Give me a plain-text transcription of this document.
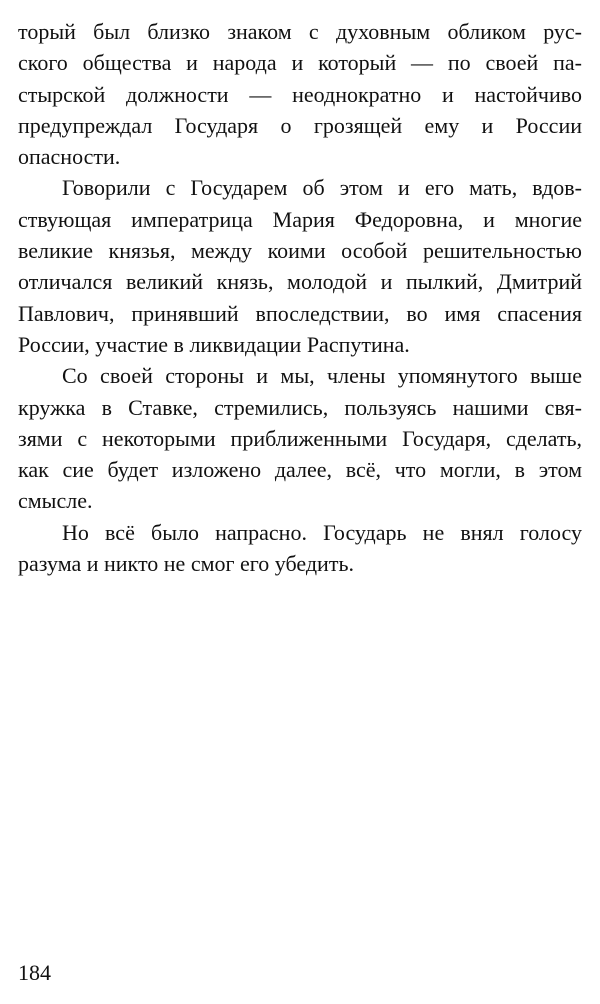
торый был близко знаком с духовным обликом рус-
ского общества и народа и который — по своей па-
стырской должности — неоднократно и настойчиво
предупреждал Государя о грозящей ему и России
опасности.
Говорили с Государем об этом и его мать, вдов-
ствующая императрица Мария Федоровна, и многие
великие князья, между коими особой решительностью
отличался великий князь, молодой и пылкий, Дмитрий
Павлович, принявший впоследствии, во имя спасения
России, участие в ликвидации Распутина.
Со своей стороны и мы, члены упомянутого выше
кружка в Ставке, стремились, пользуясь нашими свя-
зями с некоторыми приближенными Государя, сделать,
как сие будет изложено далее, всё, что могли, в этом
смысле.
Но всё было напрасно. Государь не внял голосу
разума и никто не смог его убедить.
184
